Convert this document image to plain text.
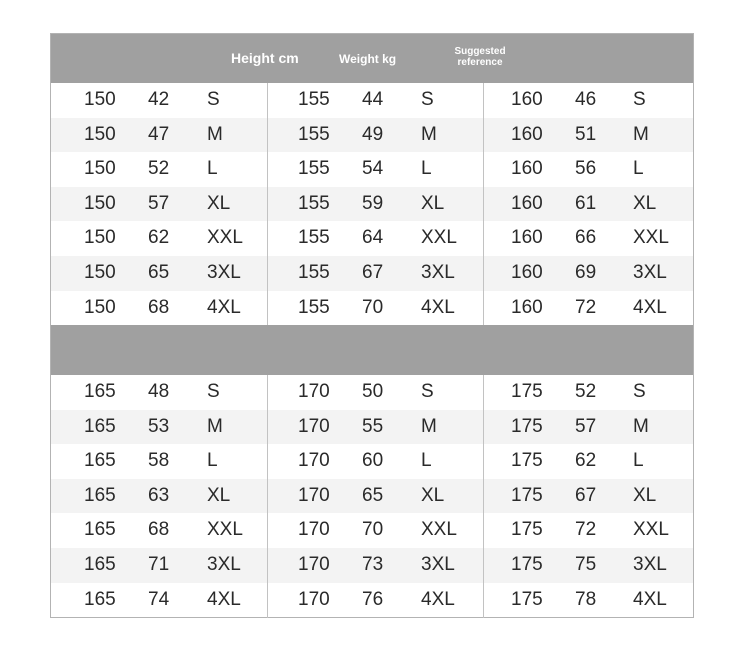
Height cm	Weight kg
Suggested
reference
150 42 S	155 44 S	160 46 S
150 47 M	155 49 M	160 51 M
150 52 L	155 54 L	160 56 L
150 57 XL	155 59 XL	160 61 XL
150 62 XXL	155 64 XXL	160 66 XXL
150 65 3XL	155 67 3XL	160 69 3XL
150 68 4XL	155 70 4XL	160 72 4XL
165 48 S	170 50 S	175 52 S
165 53 M	170 55 M	175 57 M
165 58 L	170 60 L	175 62 L
165 63 XL	170 65 XL	175 67 XL
165 68 XXL	170 70 XXL	175 72 XXL
165 71 3XL	170 73 3XL	175 75 3XL
165 74 4XL	170 76 4XL	175 78 4XL
